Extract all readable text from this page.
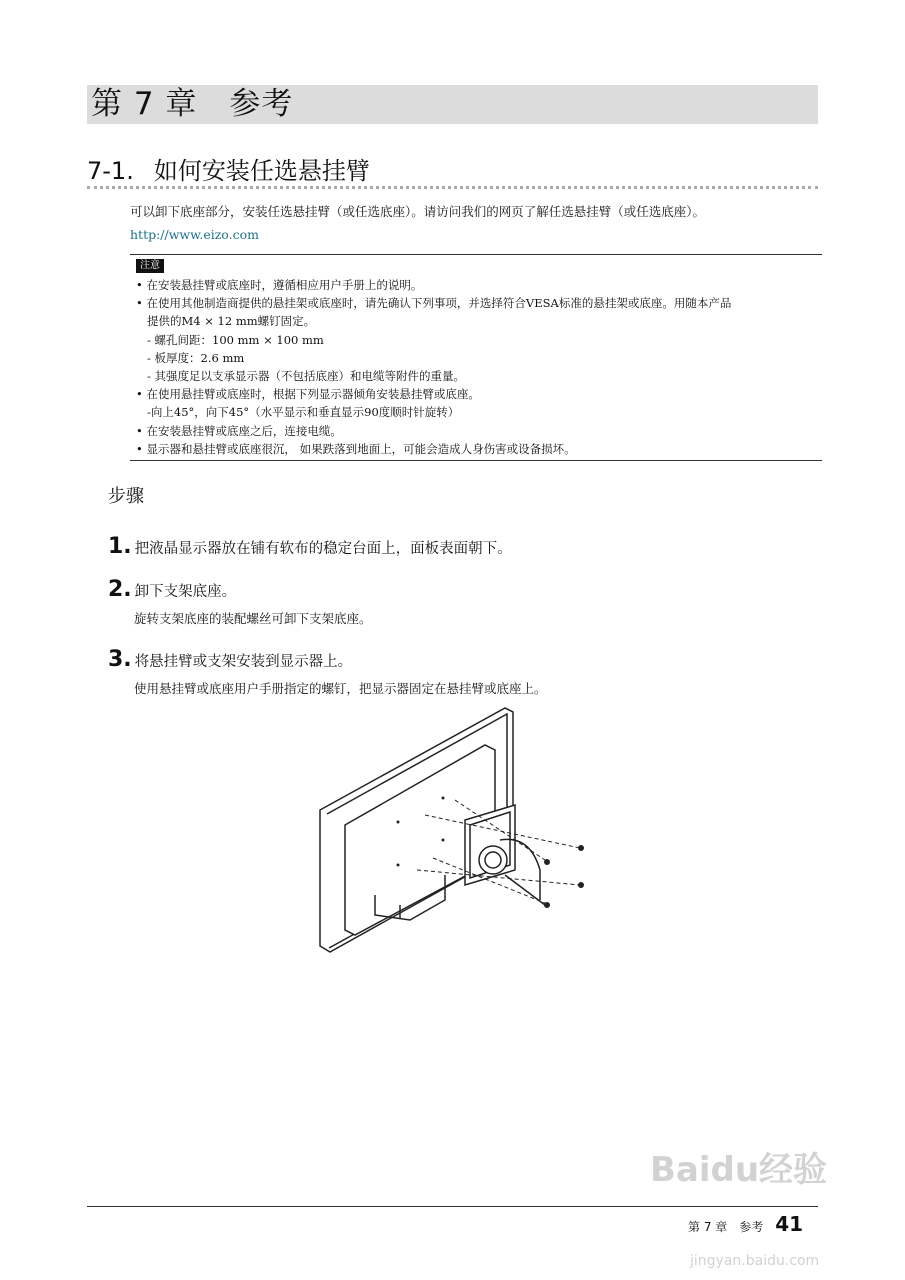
第 7 章　参考
7-1. 如何安装任选悬挂臂
可以卸下底座部分，安装任选悬挂臂（或任选底座）。请访问我们的网页了解任选悬挂臂（或任选底座）。
http://www.eizo.com
注意
• 在安装悬挂臂或底座时，遵循相应用户手册上的说明。
• 在使用其他制造商提供的悬挂架或底座时，请先确认下列事项，并选择符合VESA标准的悬挂架或底座。用随本产品
提供的M4 × 12 mm螺钉固定。
- 螺孔间距：100 mm × 100 mm
- 板厚度：2.6 mm
- 其强度足以支承显示器（不包括底座）和电缆等附件的重量。
• 在使用悬挂臂或底座时，根据下列显示器倾角安装悬挂臂或底座。
-向上45°，向下45°（水平显示和垂直显示90度顺时针旋转）
• 在安装悬挂臂或底座之后，连接电缆。
• 显示器和悬挂臂或底座很沉， 如果跌落到地面上，可能会造成人身伤害或设备损坏。
步骤
1. 把液晶显示器放在铺有软布的稳定台面上，面板表面朝下。
2. 卸下支架底座。
旋转支架底座的装配螺丝可卸下支架底座。
3. 将悬挂臂或支架安装到显示器上。
使用悬挂臂或底座用户手册指定的螺钉，把显示器固定在悬挂臂或底座上。
Baidu经验
第 7 章　参考 41
jingyan.baidu.com
